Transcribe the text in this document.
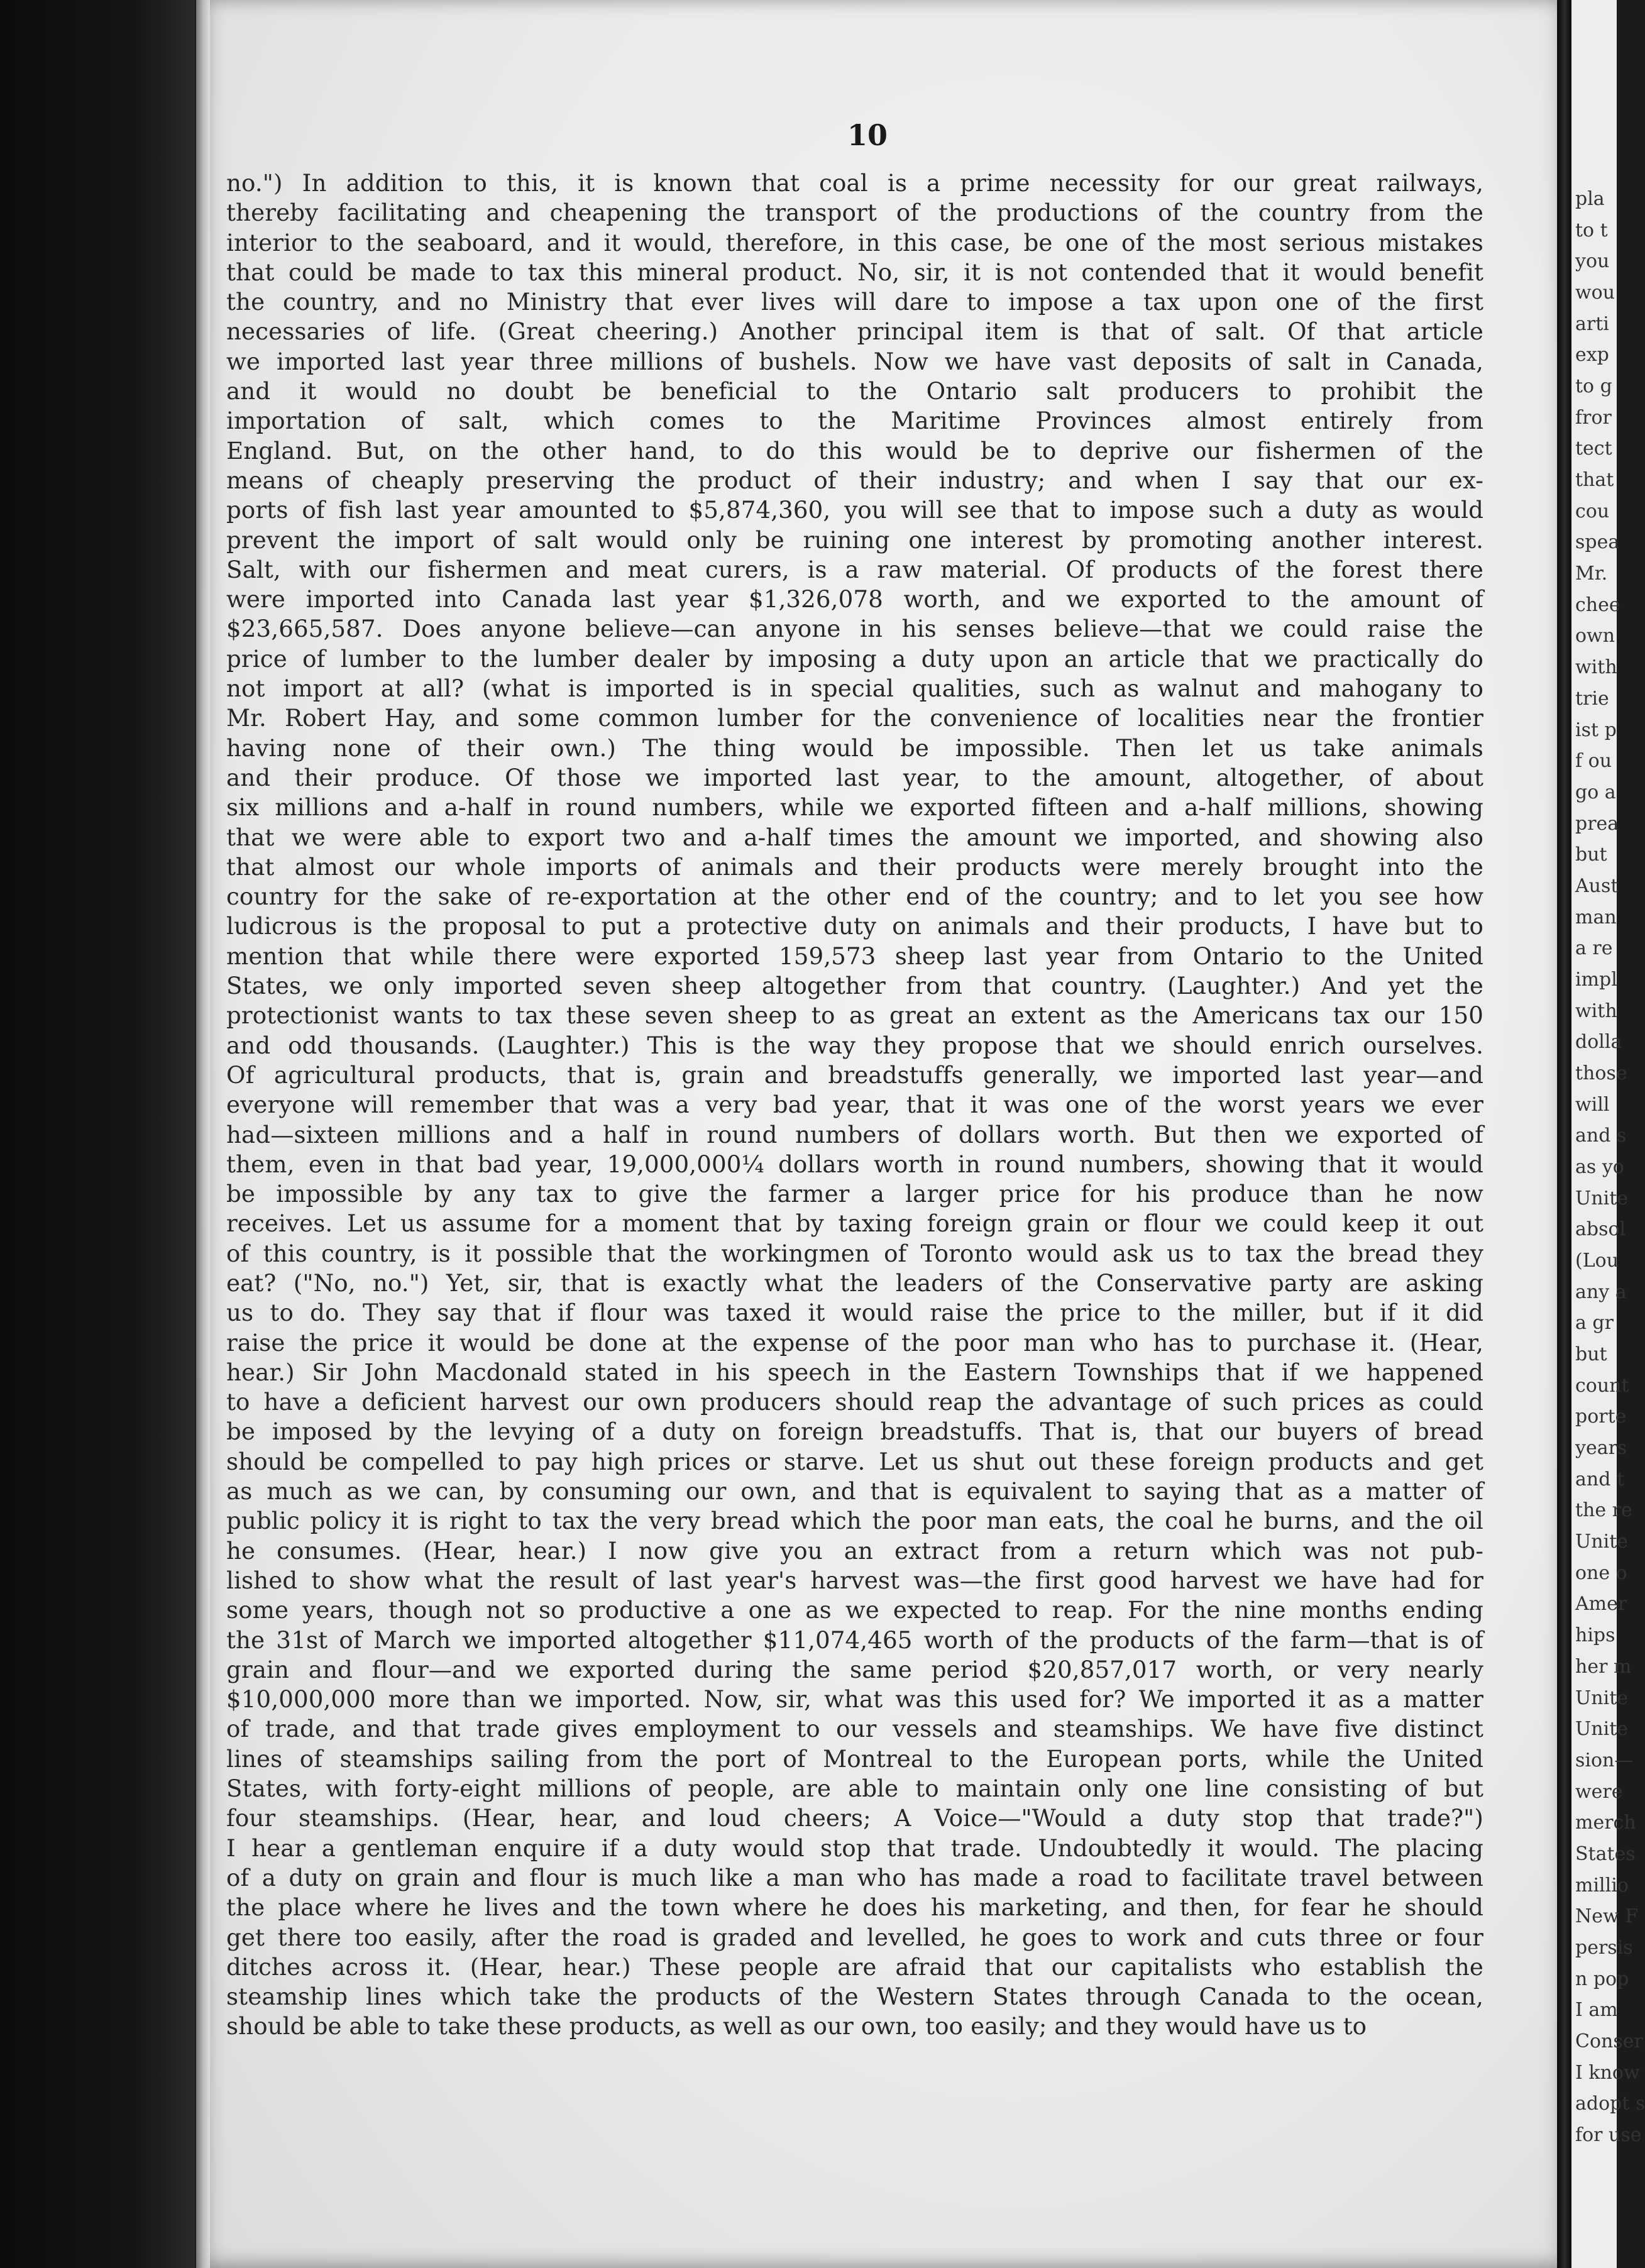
10
no.") In addition to this, it is known that coal is a prime necessity for our great railways,
thereby facilitating and cheapening the transport of the productions of the country from the
interior to the seaboard, and it would, therefore, in this case, be one of the most serious mistakes
that could be made to tax this mineral product. No, sir, it is not contended that it would benefit
the country, and no Ministry that ever lives will dare to impose a tax upon one of the first
necessaries of life. (Great cheering.) Another principal item is that of salt. Of that article
we imported last year three millions of bushels. Now we have vast deposits of salt in Canada,
and it would no doubt be beneficial to the Ontario salt producers to prohibit the
importation of salt, which comes to the Maritime Provinces almost entirely from
England. But, on the other hand, to do this would be to deprive our fishermen of the
means of cheaply preserving the product of their industry; and when I say that our ex-
ports of fish last year amounted to $5,874,360, you will see that to impose such a duty as would
prevent the import of salt would only be ruining one interest by promoting another interest.
Salt, with our fishermen and meat curers, is a raw material. Of products of the forest there
were imported into Canada last year $1,326,078 worth, and we exported to the amount of
$23,665,587. Does anyone believe—can anyone in his senses believe—that we could raise the
price of lumber to the lumber dealer by imposing a duty upon an article that we practically do
not import at all? (what is imported is in special qualities, such as walnut and mahogany to
Mr. Robert Hay, and some common lumber for the convenience of localities near the frontier
having none of their own.) The thing would be impossible. Then let us take animals
and their produce. Of those we imported last year, to the amount, altogether, of about
six millions and a-half in round numbers, while we exported fifteen and a-half millions, showing
that we were able to export two and a-half times the amount we imported, and showing also
that almost our whole imports of animals and their products were merely brought into the
country for the sake of re-exportation at the other end of the country; and to let you see how
ludicrous is the proposal to put a protective duty on animals and their products, I have but to
mention that while there were exported 159,573 sheep last year from Ontario to the United
States, we only imported seven sheep altogether from that country. (Laughter.) And yet the
protectionist wants to tax these seven sheep to as great an extent as the Americans tax our 150
and odd thousands. (Laughter.) This is the way they propose that we should enrich ourselves.
Of agricultural products, that is, grain and breadstuffs generally, we imported last year—and
everyone will remember that was a very bad year, that it was one of the worst years we ever
had—sixteen millions and a half in round numbers of dollars worth. But then we exported of
them, even in that bad year, 19,000,000¼ dollars worth in round numbers, showing that it would
be impossible by any tax to give the farmer a larger price for his produce than he now
receives. Let us assume for a moment that by taxing foreign grain or flour we could keep it out
of this country, is it possible that the workingmen of Toronto would ask us to tax the bread they
eat? ("No, no.") Yet, sir, that is exactly what the leaders of the Conservative party are asking
us to do. They say that if flour was taxed it would raise the price to the miller, but if it did
raise the price it would be done at the expense of the poor man who has to purchase it. (Hear,
hear.) Sir John Macdonald stated in his speech in the Eastern Townships that if we happened
to have a deficient harvest our own producers should reap the advantage of such prices as could
be imposed by the levying of a duty on foreign breadstuffs. That is, that our buyers of bread
should be compelled to pay high prices or starve. Let us shut out these foreign products and get
as much as we can, by consuming our own, and that is equivalent to saying that as a matter of
public policy it is right to tax the very bread which the poor man eats, the coal he burns, and the oil
he consumes. (Hear, hear.) I now give you an extract from a return which was not pub-
lished to show what the result of last year's harvest was—the first good harvest we have had for
some years, though not so productive a one as we expected to reap. For the nine months ending
the 31st of March we imported altogether $11,074,465 worth of the products of the farm—that is of
grain and flour—and we exported during the same period $20,857,017 worth, or very nearly
$10,000,000 more than we imported. Now, sir, what was this used for? We imported it as a matter
of trade, and that trade gives employment to our vessels and steamships. We have five distinct
lines of steamships sailing from the port of Montreal to the European ports, while the United
States, with forty-eight millions of people, are able to maintain only one line consisting of but
four steamships. (Hear, hear, and loud cheers; A Voice—"Would a duty stop that trade?")
I hear a gentleman enquire if a duty would stop that trade. Undoubtedly it would. The placing
of a duty on grain and flour is much like a man who has made a road to facilitate travel between
the place where he lives and the town where he does his marketing, and then, for fear he should
get there too easily, after the road is graded and levelled, he goes to work and cuts three or four
ditches across it. (Hear, hear.) These people are afraid that our capitalists who establish the
steamship lines which take the products of the Western States through Canada to the ocean,
should be able to take these products, as well as our own, too easily; and they would have us to
pla
to t
you
wou
arti
exp
to g
fror
tect
that
cou
spea
Mr.
chee
own
with
trie
ist p
f ou
go a
prea
but
Aust
man
a re
impl
with
dolla
those
will
and s
as yo
Unite
absol
(Lou
any a
a gr
but
count
porte
years
and t
the re
Unite
one o
Amer
hips
her m
Unite
Unite
sion—
were
merch
States
millio
New F
persis
n pop
I am
Conser
I know
adopt s
for use
